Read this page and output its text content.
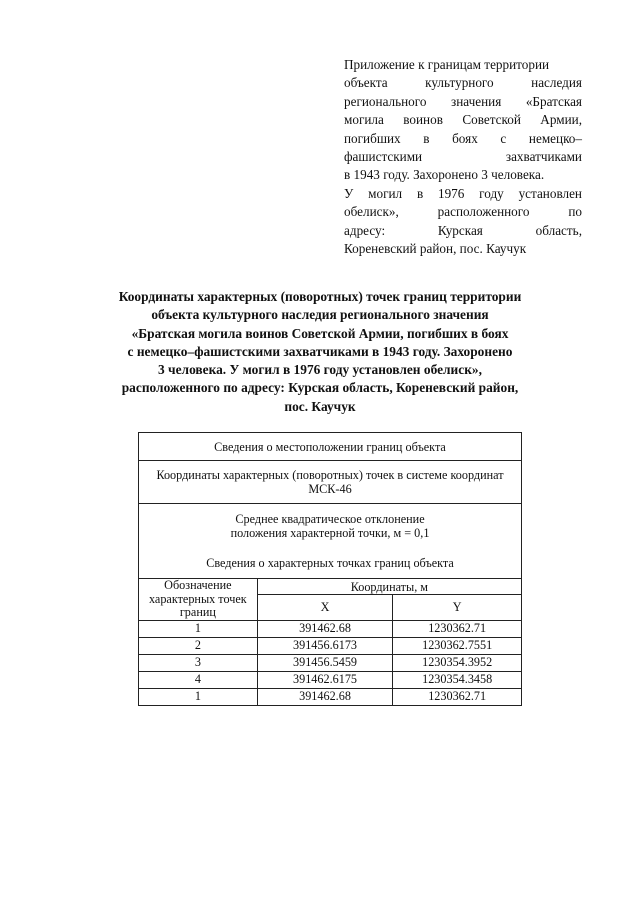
Приложение к границам территории
объекта культурного наследия
регионального значения «Братская
могила воинов Советской Армии,
погибших в боях с немецко–
фашистскими захватчиками
в 1943 году. Захоронено 3 человека.
У могил в 1976 году установлен
обелиск», расположенного по
адресу: Курская область,
Кореневский район, пос. Каучук
Координаты характерных (поворотных) точек границ территории
объекта культурного наследия регионального значения
«Братская могила воинов Советской Армии, погибших в боях
с немецко–фашистскими захватчиками в 1943 году. Захоронено
3 человека. У могил в 1976 году установлен обелиск»,
расположенного по адресу: Курская область, Кореневский район,
пос. Каучук
Сведения о местоположении границ объекта		
Координаты характерных (поворотных) точек в системе координат МСК-46		

Среднее квадратическое отклонение
положения характерной точки, м = 0,1
Сведения о характерных точках границ объекта		

Обозначение характерных точек границ	Координаты, м	
	X	Y
1	391462.68	1230362.71
2	391456.6173	1230362.7551
3	391456.5459	1230354.3952
4	391462.6175	1230354.3458
1	391462.68	1230362.71
